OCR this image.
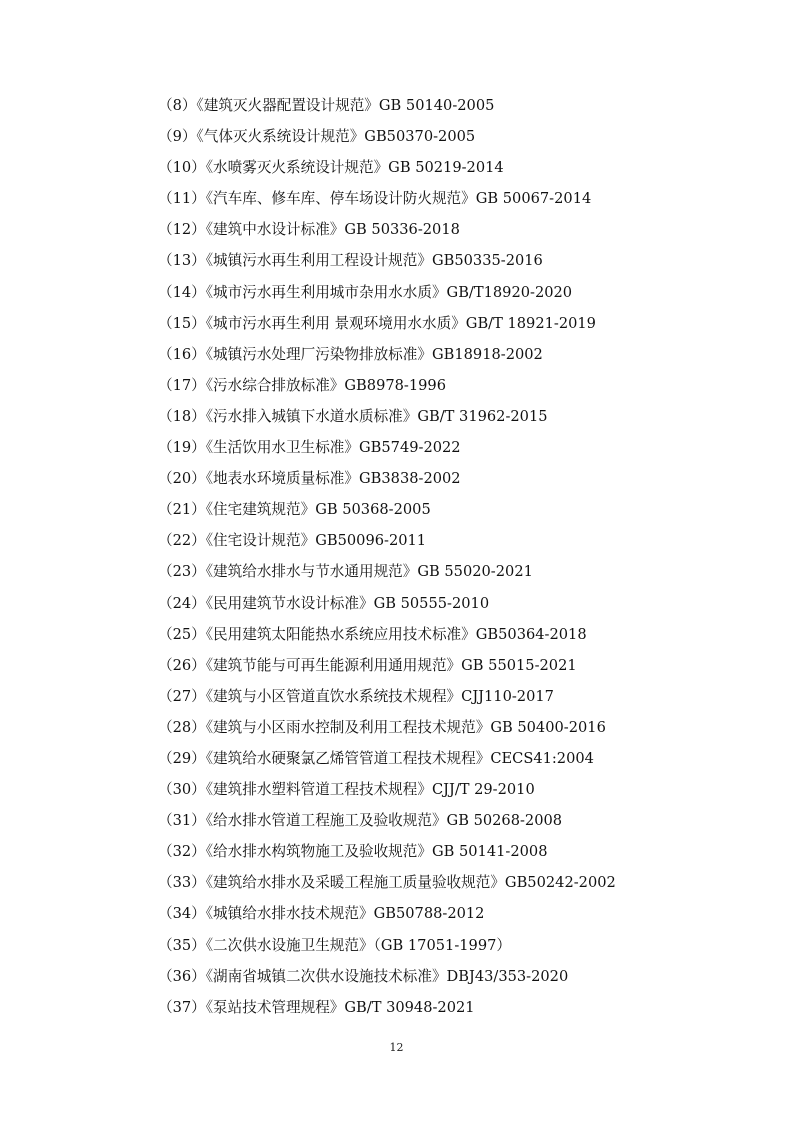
（8）《建筑灭火器配置设计规范》GB 50140-2005
（9）《气体灭火系统设计规范》GB50370-2005
（10）《水喷雾灭火系统设计规范》GB 50219-2014
（11）《汽车库、修车库、停车场设计防火规范》GB 50067-2014
（12）《建筑中水设计标准》GB 50336-2018
（13）《城镇污水再生利用工程设计规范》GB50335-2016
（14）《城市污水再生利用城市杂用水水质》GB/T18920-2020
（15）《城市污水再生利用 景观环境用水水质》GB/T 18921-2019
（16）《城镇污水处理厂污染物排放标准》GB18918-2002
（17）《污水综合排放标准》GB8978-1996
（18）《污水排入城镇下水道水质标准》GB/T 31962-2015
（19）《生活饮用水卫生标准》GB5749-2022
（20）《地表水环境质量标准》GB3838-2002
（21）《住宅建筑规范》GB 50368-2005
（22）《住宅设计规范》GB50096-2011
（23）《建筑给水排水与节水通用规范》GB 55020-2021
（24）《民用建筑节水设计标准》GB 50555-2010
（25）《民用建筑太阳能热水系统应用技术标准》GB50364-2018
（26）《建筑节能与可再生能源利用通用规范》GB 55015-2021
（27）《建筑与小区管道直饮水系统技术规程》CJJ110-2017
（28）《建筑与小区雨水控制及利用工程技术规范》GB 50400-2016
（29）《建筑给水硬聚氯乙烯管管道工程技术规程》CECS41:2004
（30）《建筑排水塑料管道工程技术规程》CJJ/T 29-2010
（31）《给水排水管道工程施工及验收规范》GB 50268-2008
（32）《给水排水构筑物施工及验收规范》GB 50141-2008
（33）《建筑给水排水及采暖工程施工质量验收规范》GB50242-2002
（34）《城镇给水排水技术规范》GB50788-2012
（35）《二次供水设施卫生规范》（GB 17051-1997）
（36）《湖南省城镇二次供水设施技术标准》DBJ43/353-2020
（37）《泵站技术管理规程》GB/T 30948-2021
12
